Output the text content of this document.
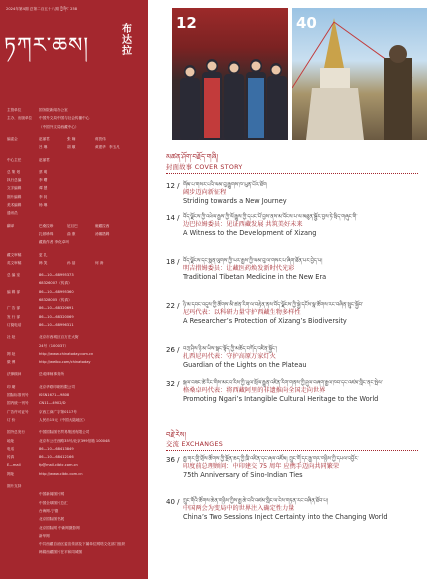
2024年第4期 总第二百五十八期 ཀྱི་ཞིང་ 258
ཏཀར་ཆས།
布达拉
主管单位	国务院新闻办公室
主办、出版单位 中国外文局中国与社会传播中心
（中国外文局西藏中心）
编委会	赵丽君	张 娴	蒋贺伟
吕 琳	胡 顺	黄建华 李玉凡
中心主任	赵丽君
总 策 划	蔡 明
执行总编	李 曙
文字编辑	谭 慧
图片编辑	李 钊
美术编辑	杨 琳
通讯员
翻译	巴桑拉珍	尼旦巴	雍藏拉西
扎顿珍珠	曲 康	汤娜措姆
藏族作者 李化卓玛
藏文审稿	更 扎
英文审稿	韩 笑	孙 蓓	何 涛
总 编 室	86—10—68995373
68326007（传真）
编 辑 部	86—10—68995360
68328005（传真）
广 告 部	86—10—68320691
发 行 部	86—10—68320069
订阅电话	86—10—68996311
社 址	北京市西城区百万庄大街
24号（100037）
网 址	http://www.chinatoday.com.cn
微 博	http://weibo.com/chinatoday
法律顾问	岳成律师事务所
印 刷	北京华联印刷有限公司
国际标准刊号	ISSN1671—9808
国内统一刊号	CN11—4902/D
广告许可证号	京西工商广字第0117号
订 价	人民币15元（中国大陆地区）
国外总发行	中国国际图书贸易集团有限公司
地址	北京车公庄西路35号/北京399信箱 100048
电话	86—10—68413849
传真	86—10—68412166
E—mail	fp@mail.cibtc.com.cn
网址	http://www.cibtc.com.cn
图片支持
中国新闻图片网
中国全球图片总汇
台海网-宁德
北京国际图书展
北京国际网 中新网摄影网
新华网
中共西藏自治区委宣传部及下属单位网络文化部门组织
韩娟西藏图片在平和同城图
12	40
མཚན་ཤོག་བརྗོད་གཞི།
封面故事 COVER STORY
12 / གོམ་པ་གསར་པའི་ལམ་བུ་རྒྱུགས་ཁ་ཡུན་པོར་ཐོག
阔步迈向新征程
Striding towards a New Journey
14 / བོད་ལྗོངས་ཀྱི་འཕེལ་རྒྱས་ཀྱི་ལོ་རྒྱུས་ཀྱི་དཔང་པོ་བྱས་ནས་མ་འོངས་པ་ལ་མཐུན་སྦྱོར་བྱས་ཏེ་སྲིད་གཞུང་གི་
边巴拉姆委员：见证西藏发展 共筑美好未来
A Witness to the Development of Xizang
18 / བོད་ལྗོངས་དང་སྨན་ལུགས་ཀྱི་ཡར་རྒྱས་ཀྱི་ལམ་བུ་ལ་གསར་པ་ཞིག་ཐོན་པར་བྱེད་པ།
明吉措姆委员：让藏医药焕发新时代光彩
Traditional Tibetan Medicine in the New Era
22 / ཉི་མ་དབང་འདུས་ཀྱི་ཚོགས་མི་ཚན་རིག་ལ་བརྟེན་ནས་བོད་ལྗོངས་ཀྱི་སྐྱེ་དངོས་སྣ་ཚོགས་རང་བཞིན་སྲུང་སྐྱོབ་
尼玛代表：以科研力量守护西藏生物多样性
A Researcher’s Protection of Xizang’s Biodiversity
26 / བཀྲ་ཤིས་ཉི་མ་ཡིས་སྒང་སྟོད་ཀྱི་མཆོད་བཀོད་འཛིན་སྐྱོང་།
扎西尼玛代表：守护高原万家灯火
Guardian of the Lights on the Plateau
32 / སྐལ་བཟང་ཚེ་རིང་གིས་མངའ་རིས་ཀྱི་ཡུལ་སྲོལ་རྒྱུན་འཛིན་རིག་གནས་ཀྱི་ཤུལ་བཞག་རྒྱལ་ཁབ་དང་འཛམ་གླིང་ནང་སྤེལ་
格桑卓玛代表：将西藏阿里的非遗推向全国走向世界
Promoting Ngari’s Intangible Cultural Heritage to the World
བརྗེ་རེས།
交流 EXCHANGES
36 / རྒྱ་གར་གྱི་གྲོས་ཚོགས་ཀྱི་སྔོན་ཆད་ཀྱི་ཁྲི་འཛིན་དང་ཞལ་འཛོམ། ཀྲུང་གོ་དང་རྒྱ་གར་གཉིས་ཀྱི་དཔལ་འབྱོར་
印度前总理顾问：中印建交 75 周年 应携手迈向共同繁荣
75th Anniversary of Sino-Indian Ties
40 / ཀྲུང་གོའི་ཚོགས་ཆེན་གཉིས་ཀྱིས་རྒྱ་ཆེ་བའི་འཛམ་གླིང་ལ་ངེས་གཏན་རང་བཞིན་ཐོབ་པ།
中国两会为变局中的世界注入确定性力量
China’s Two Sessions Inject Certainty into the Changing World
